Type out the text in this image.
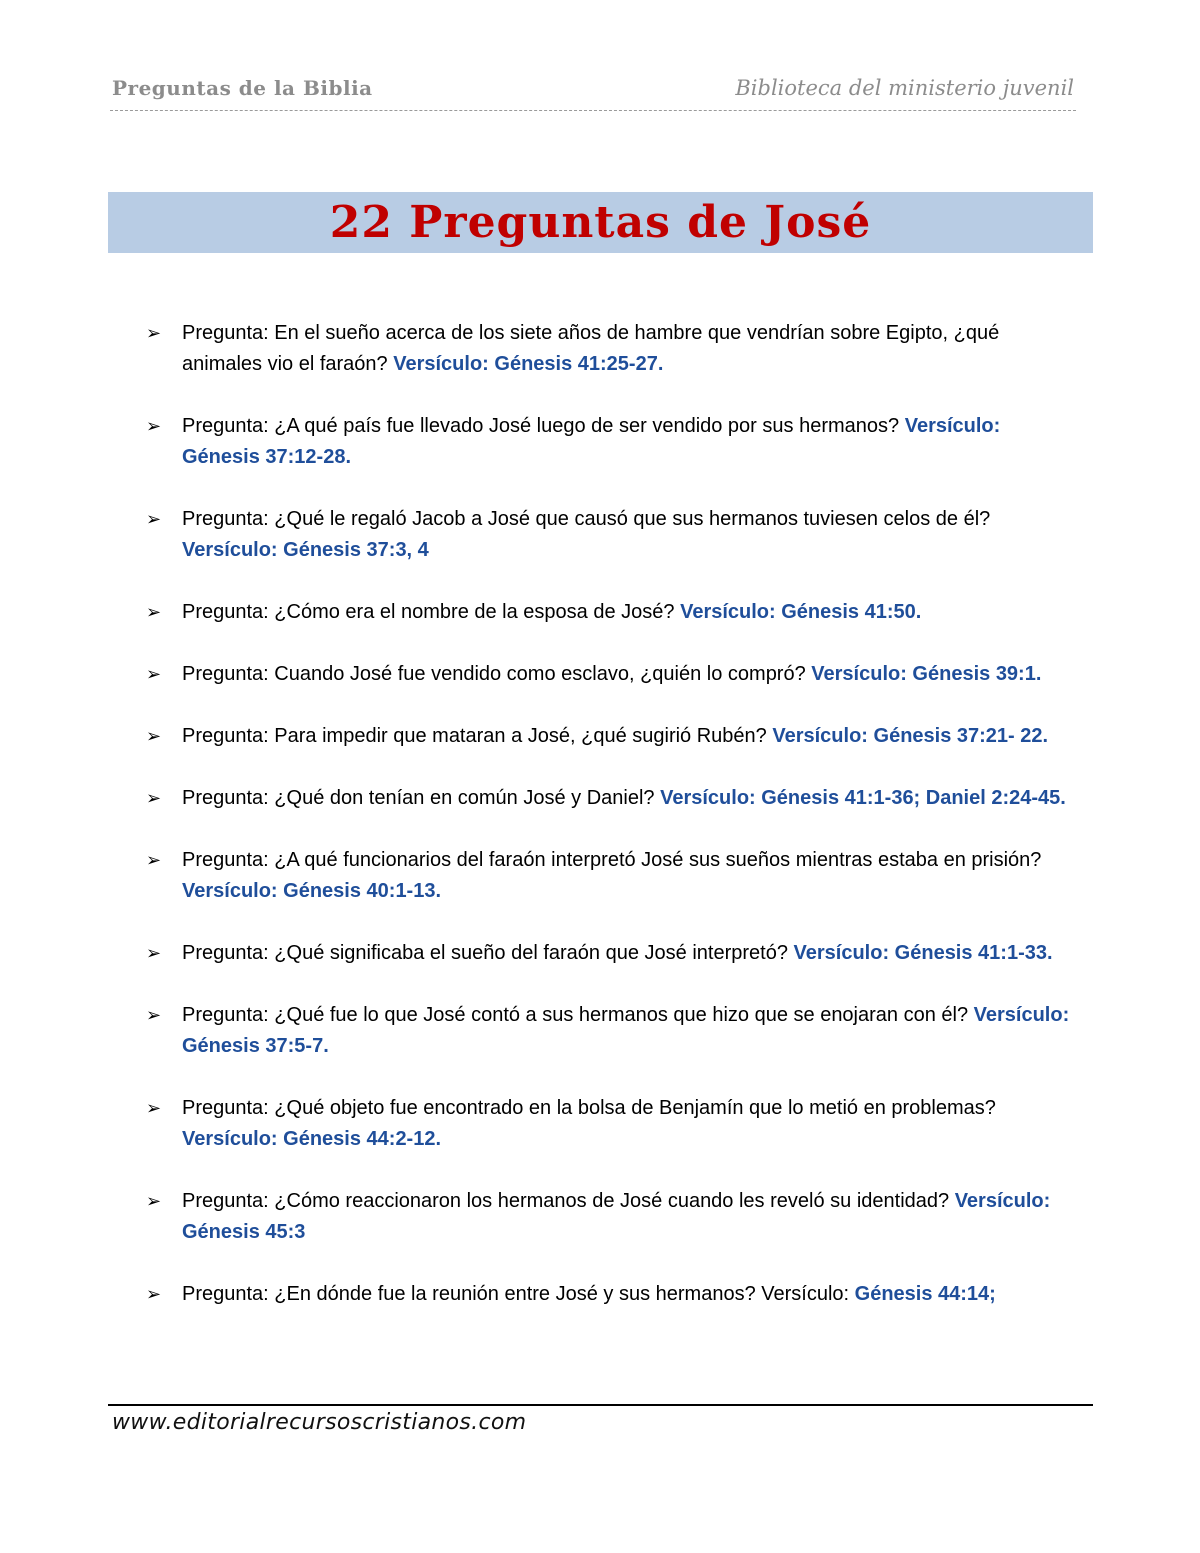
Preguntas de la Biblia	Biblioteca del ministerio juvenil
22 Preguntas de José
➢ Pregunta: En el sueño acerca de los siete años de hambre que vendrían sobre Egipto, ¿qué animales vio el faraón? Versículo: Génesis 41:25-27.
➢ Pregunta: ¿A qué país fue llevado José luego de ser vendido por sus hermanos? Versículo: Génesis 37:12-28.
➢ Pregunta: ¿Qué le regaló Jacob a José que causó que sus hermanos tuviesen celos de él? Versículo: Génesis 37:3, 4
➢ Pregunta: ¿Cómo era el nombre de la esposa de José? Versículo: Génesis 41:50.
➢ Pregunta: Cuando José fue vendido como esclavo, ¿quién lo compró? Versículo: Génesis 39:1.
➢ Pregunta: Para impedir que mataran a José, ¿qué sugirió Rubén? Versículo: Génesis 37:21- 22.
➢ Pregunta: ¿Qué don tenían en común José y Daniel? Versículo: Génesis 41:1-36; Daniel 2:24-45.
➢ Pregunta: ¿A qué funcionarios del faraón interpretó José sus sueños mientras estaba en prisión? Versículo: Génesis 40:1-13.
➢ Pregunta: ¿Qué significaba el sueño del faraón que José interpretó? Versículo: Génesis 41:1-33.
➢ Pregunta: ¿Qué fue lo que José contó a sus hermanos que hizo que se enojaran con él? Versículo: Génesis 37:5-7.
➢ Pregunta: ¿Qué objeto fue encontrado en la bolsa de Benjamín que lo metió en problemas? Versículo: Génesis 44:2-12.
➢ Pregunta: ¿Cómo reaccionaron los hermanos de José cuando les reveló su identidad? Versículo: Génesis 45:3
➢ Pregunta: ¿En dónde fue la reunión entre José y sus hermanos? Versículo: Génesis 44:14;
www.editorialrecursoscristianos.com
